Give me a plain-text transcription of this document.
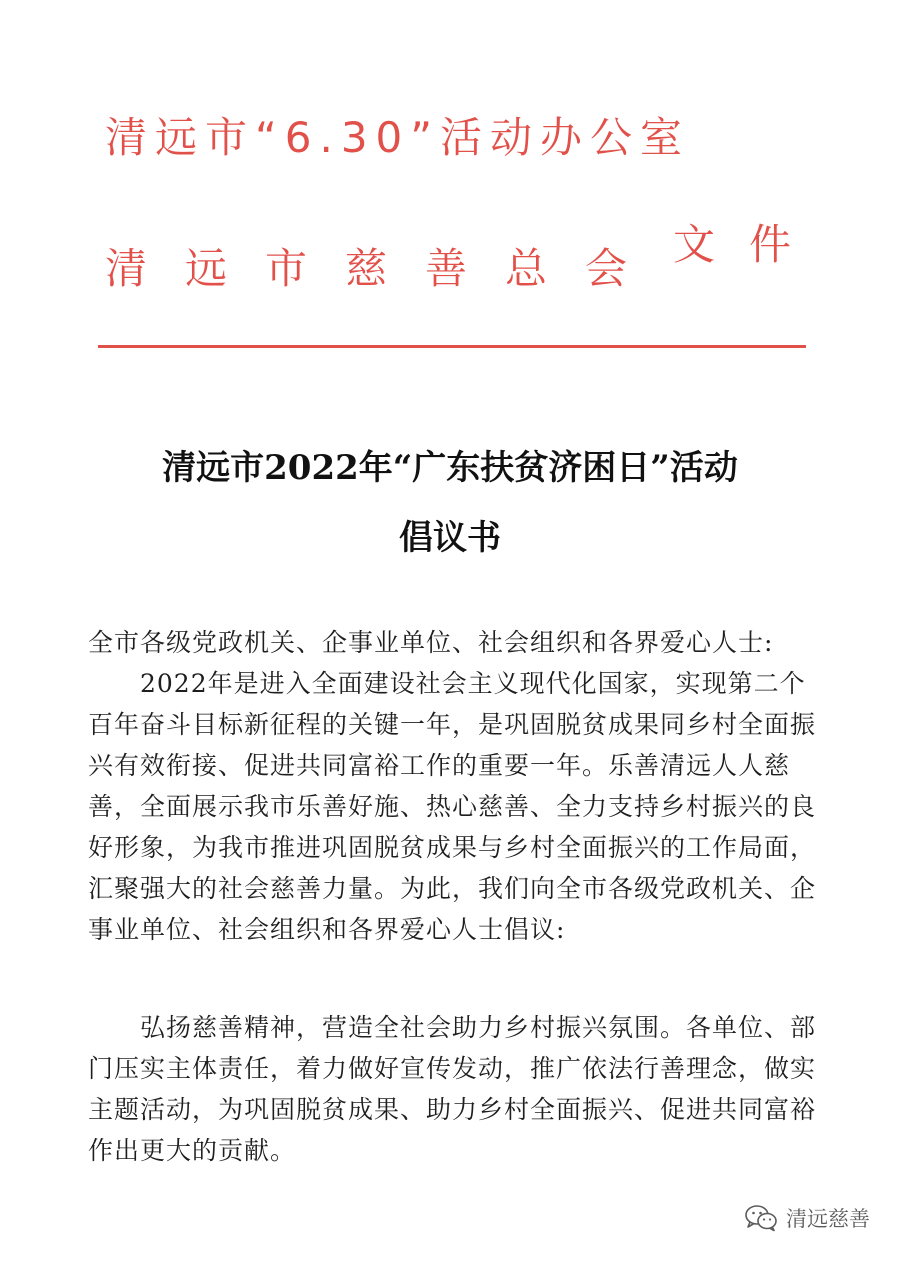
清远市“6.30”活动办公室
清远市慈善总会 文件
清远市2022年“广东扶贫济困日”活动
倡议书
全市各级党政机关、企事业单位、社会组织和各界爱心人士:
2022年是进入全面建设社会主义现代化国家，实现第二个百年奋斗目标新征程的关键一年，是巩固脱贫成果同乡村全面振兴有效衔接、促进共同富裕工作的重要一年。乐善清远人人慈善，全面展示我市乐善好施、热心慈善、全力支持乡村振兴的良好形象，为我市推进巩固脱贫成果与乡村全面振兴的工作局面，汇聚强大的社会慈善力量。为此，我们向全市各级党政机关、企事业单位、社会组织和各界爱心人士倡议:
弘扬慈善精神，营造全社会助力乡村振兴氛围。各单位、部门压实主体责任，着力做好宣传发动，推广依法行善理念，做实主题活动，为巩固脱贫成果、助力乡村全面振兴、促进共同富裕作出更大的贡献。
清远慈善
